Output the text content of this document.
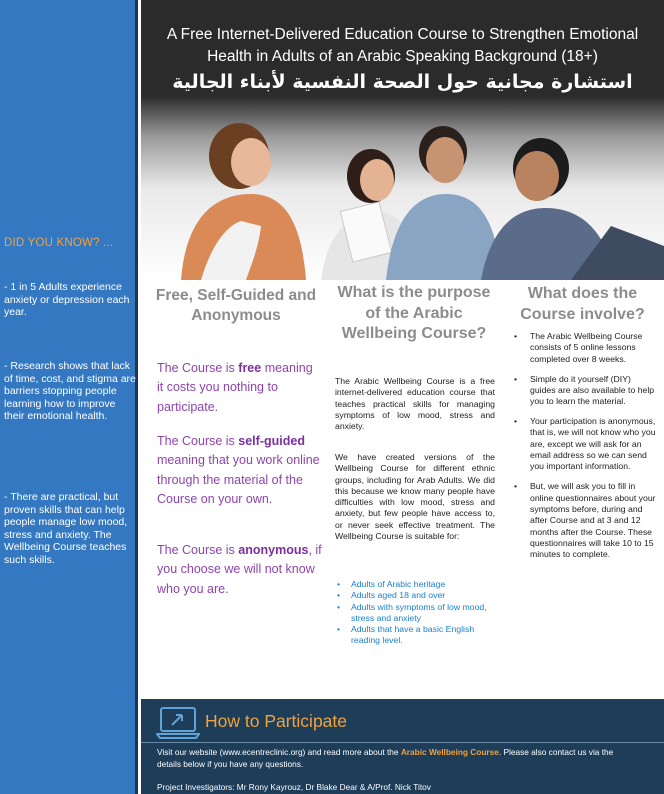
DID YOU KNOW? ...
- 1 in 5 Adults experience anxiety or depression each year.
- Research shows that lack of time, cost, and stigma are barriers stopping people learning how to improve their emotional health.
- There are practical, but proven skills that can help people manage low mood, stress and anxiety. The Wellbeing Course teaches such skills.
A Free Internet-Delivered Education Course to Strengthen Emotional
Health in Adults of an Arabic Speaking Background (18+)
استشارة مجانية حول الصحة النفسية لأبناء الجالية
Free, Self-Guided and Anonymous
What is the purpose of the Arabic Wellbeing Course?
What does the Course involve?
The Course is free meaning it costs you nothing to participate.
The Course is self-guided meaning that you work online through the material of the Course on your own.
The Course is anonymous, if you choose we will not know who you are.
The Arabic Wellbeing Course is a free internet-delivered education course that teaches practical skills for managing symptoms of low mood, stress and anxiety.
We have created versions of the Wellbeing Course for different ethnic groups, including for Arab Adults. We did this because we know many people have difficulties with low mood, stress and anxiety, but few people have access to, or never seek effective treatment. The Wellbeing Course is suitable for:
• Adults of Arabic heritage
• Adults aged 18 and over
• Adults with symptoms of low mood, stress and anxiety
• Adults that have a basic English reading level.
• The Arabic Wellbeing Course consists of 5 online lessons completed over 8 weeks.
• Simple do it yourself (DIY) guides are also available to help you to learn the material.
• Your participation is anonymous, that is, we will not know who you are, except we will ask for an email address so we can send you important information.
• But, we will ask you to fill in online questionnaires about your symptoms before, during and after Course and at 3 and 12 months after the Course. These questionnaires will take 10 to 15 minutes to complete.
How to Participate
Visit our website (www.ecentreclinic.org) and read more about the Arabic Wellbeing Course. Please also contact us via the
details below if you have any questions.
Project Investigators: Mr Rony Kayrouz, Dr Blake Dear & A/Prof. Nick Titov
